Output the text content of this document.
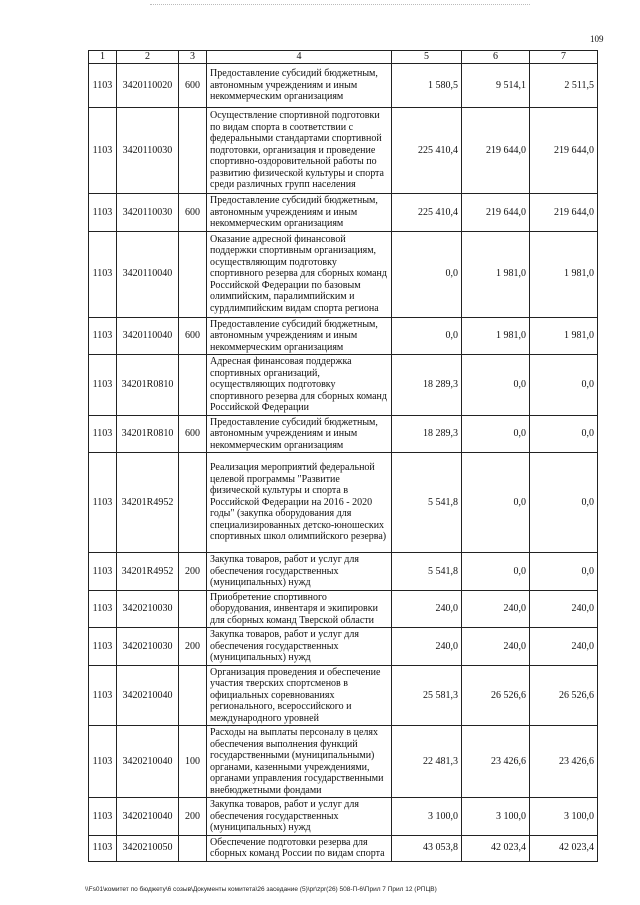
109
1	2	3	4	5	6	7
1103	3420110020	600	Предоставление субсидий бюджетным, автономным учреждениям и иным некоммерческим организациям	1 580,5	9 514,1	2 511,5
1103	3420110030		Осуществление спортивной подготовки по видам спорта в соответствии с федеральными стандартами спортивной подготовки, организация и проведение спортивно-оздоровительной работы по развитию физической культуры и спорта среди различных групп населения	225 410,4	219 644,0	219 644,0
1103	3420110030	600	Предоставление субсидий бюджетным, автономным учреждениям и иным некоммерческим организациям	225 410,4	219 644,0	219 644,0
1103	3420110040		Оказание адресной финансовой поддержки спортивным организациям, осуществляющим подготовку спортивного резерва для сборных команд Российской Федерации по базовым олимпийским, паралимпийским и сурдлимпийским видам спорта региона	0,0	1 981,0	1 981,0
1103	3420110040	600	Предоставление субсидий бюджетным, автономным учреждениям и иным некоммерческим организациям	0,0	1 981,0	1 981,0
1103	34201R0810		Адресная финансовая поддержка спортивных организаций, осуществляющих подготовку спортивного резерва для сборных команд Российской Федерации	18 289,3	0,0	0,0
1103	34201R0810	600	Предоставление субсидий бюджетным, автономным учреждениям и иным некоммерческим организациям	18 289,3	0,0	0,0
1103	34201R4952		Реализация мероприятий федеральной целевой программы "Развитие физической культуры и спорта в Российской Федерации на 2016 - 2020 годы" (закупка оборудования для специализированных детско-юношеских спортивных школ олимпийского резерва)	5 541,8	0,0	0,0
1103	34201R4952	200	Закупка товаров, работ и услуг для обеспечения государственных (муниципальных) нужд	5 541,8	0,0	0,0
1103	3420210030		Приобретение спортивного оборудования, инвентаря и экипировки для сборных команд Тверской области	240,0	240,0	240,0
1103	3420210030	200	Закупка товаров, работ и услуг для обеспечения государственных (муниципальных) нужд	240,0	240,0	240,0
1103	3420210040		Организация проведения и обеспечение участия тверских спортсменов в официальных соревнованиях регионального, всероссийского и международного уровней	25 581,3	26 526,6	26 526,6
1103	3420210040	100	Расходы на выплаты персоналу в целях обеспечения выполнения функций государственными (муниципальными) органами, казенными учреждениями, органами управления государственными внебюджетными фондами	22 481,3	23 426,6	23 426,6
1103	3420210040	200	Закупка товаров, работ и услуг для обеспечения государственных (муниципальных) нужд	3 100,0	3 100,0	3 100,0
1103	3420210050		Обеспечение подготовки резерва для сборных команд России по видам спорта	43 053,8	42 023,4	42 023,4
\\Fs01\комитет по бюджету\6 созыв\Документы комитета\26 заседание (5)\pr\zpr(26) 508-П-6\Прил 7 Прил 12 (РПЦВ)
